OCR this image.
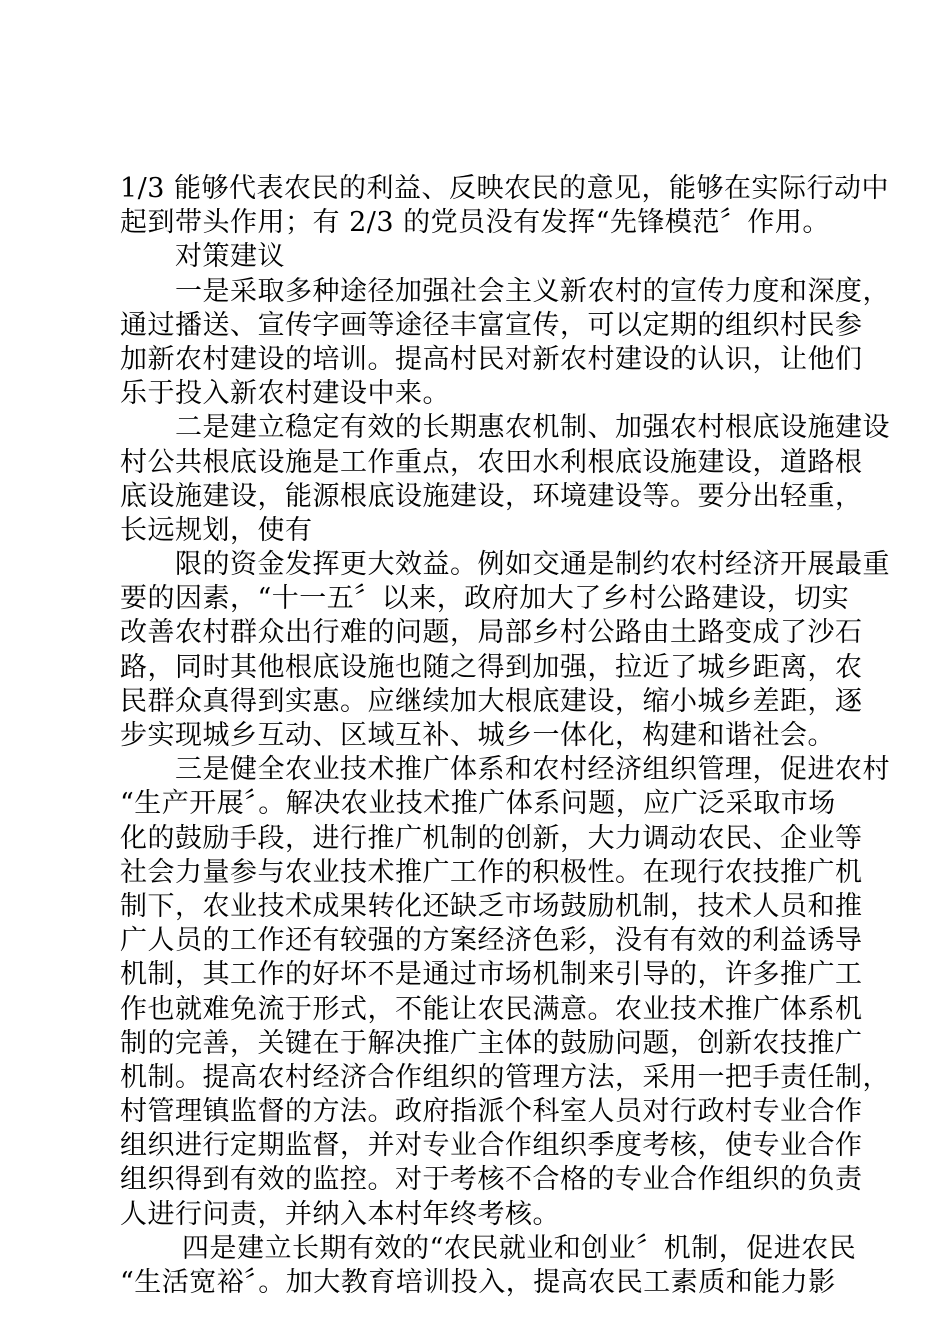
1/3 能够代表农民的利益、反映农民的意见，能够在实际行动中
起到带头作用；有 2/3 的党员没有发挥“先锋模范〞作用。
对策建议
一是采取多种途径加强社会主义新农村的宣传力度和深度，
通过播送、宣传字画等途径丰富宣传，可以定期的组织村民参
加新农村建设的培训。提高村民对新农村建设的认识，让他们
乐于投入新农村建设中来。
二是建立稳定有效的长期惠农机制、加强农村根底设施建设
村公共根底设施是工作重点，农田水利根底设施建设，道路根
底设施建设，能源根底设施建设，环境建设等。要分出轻重，
长远规划，使有
限的资金发挥更大效益。例如交通是制约农村经济开展最重
要的因素，“十一五〞以来，政府加大了乡村公路建设，切实
改善农村群众出行难的问题，局部乡村公路由土路变成了沙石
路，同时其他根底设施也随之得到加强，拉近了城乡距离，农
民群众真得到实惠。应继续加大根底建设，缩小城乡差距，逐
步实现城乡互动、区域互补、城乡一体化，构建和谐社会。
三是健全农业技术推广体系和农村经济组织管理，促进农村
“生产开展〞。解决农业技术推广体系问题，应广泛采取市场
化的鼓励手段，进行推广机制的创新，大力调动农民、企业等
社会力量参与农业技术推广工作的积极性。在现行农技推广机
制下，农业技术成果转化还缺乏市场鼓励机制，技术人员和推
广人员的工作还有较强的方案经济色彩，没有有效的利益诱导
机制，其工作的好坏不是通过市场机制来引导的，许多推广工
作也就难免流于形式，不能让农民满意。农业技术推广体系机
制的完善，关键在于解决推广主体的鼓励问题，创新农技推广
机制。提高农村经济合作组织的管理方法，采用一把手责任制，
村管理镇监督的方法。政府指派个科室人员对行政村专业合作
组织进行定期监督，并对专业合作组织季度考核，使专业合作
组织得到有效的监控。对于考核不合格的专业合作组织的负责
人进行问责，并纳入本村年终考核。
四是建立长期有效的“农民就业和创业〞机制，促进农民
“生活宽裕〞。加大教育培训投入，提高农民工素质和能力影
